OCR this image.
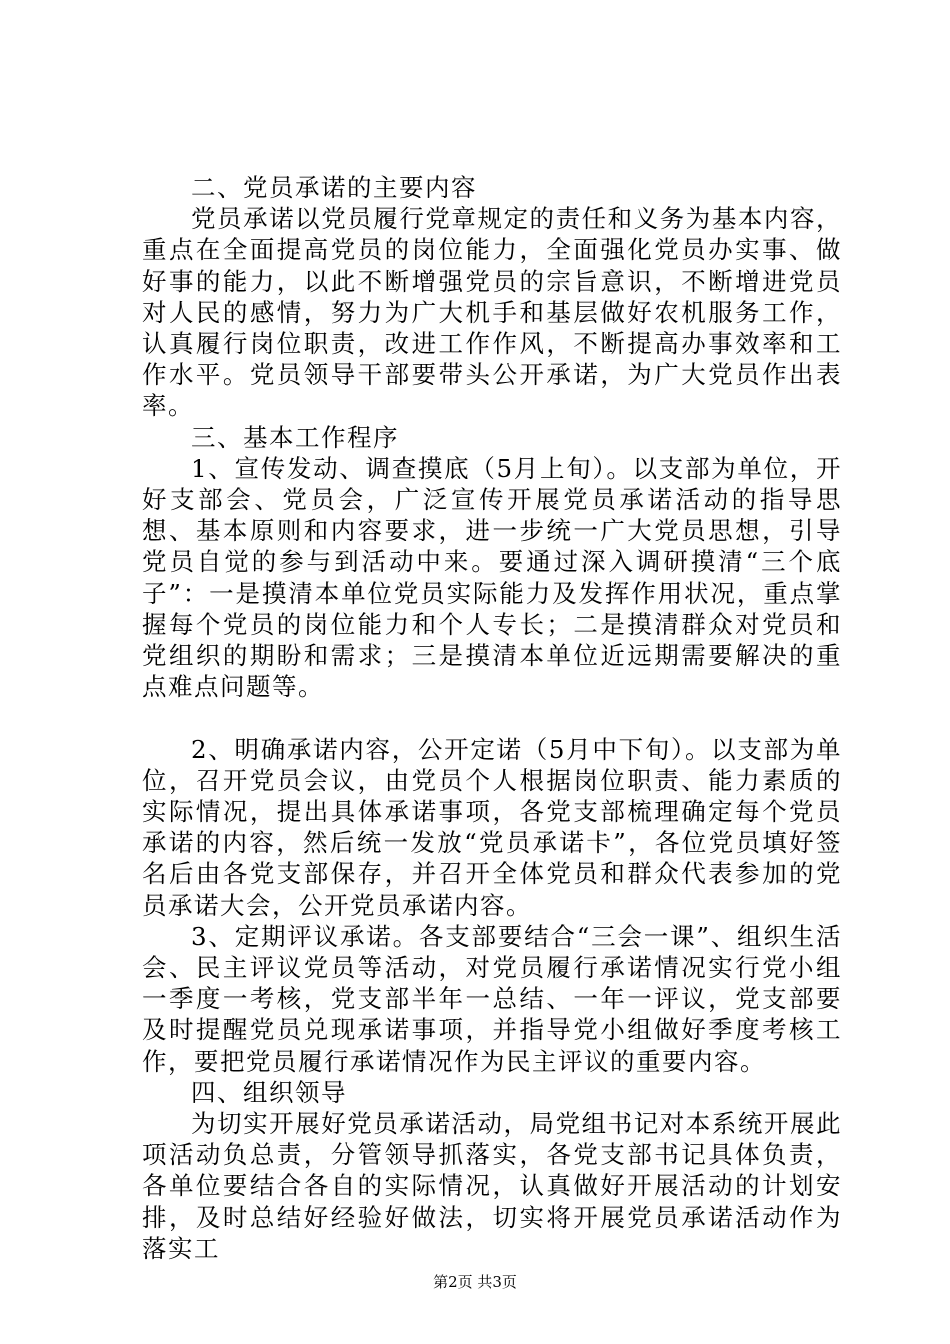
二、党员承诺的主要内容

党员承诺以党员履行党章规定的责任和义务为基本内容，重点在全面提高党员的岗位能力，全面强化党员办实事、做好事的能力，以此不断增强党员的宗旨意识，不断增进党员对人民的感情，努力为广大机手和基层做好农机服务工作，认真履行岗位职责，改进工作作风，不断提高办事效率和工作水平。党员领导干部要带头公开承诺，为广大党员作出表率。

三、基本工作程序

1、宣传发动、调查摸底（5月上旬）。以支部为单位，开好支部会、党员会，广泛宣传开展党员承诺活动的指导思想、基本原则和内容要求，进一步统一广大党员思想，引导党员自觉的参与到活动中来。要通过深入调研摸清“三个底子”：一是摸清本单位党员实际能力及发挥作用状况，重点掌握每个党员的岗位能力和个人专长；二是摸清群众对党员和党组织的期盼和需求；三是摸清本单位近远期需要解决的重点难点问题等。

2、明确承诺内容，公开定诺（5月中下旬）。以支部为单位，召开党员会议，由党员个人根据岗位职责、能力素质的实际情况，提出具体承诺事项，各党支部梳理确定每个党员承诺的内容，然后统一发放“党员承诺卡”，各位党员填好签名后由各党支部保存，并召开全体党员和群众代表参加的党员承诺大会，公开党员承诺内容。

3、定期评议承诺。各支部要结合“三会一课”、组织生活会、民主评议党员等活动，对党员履行承诺情况实行党小组一季度一考核，党支部半年一总结、一年一评议，党支部要及时提醒党员兑现承诺事项，并指导党小组做好季度考核工作，要把党员履行承诺情况作为民主评议的重要内容。

四、组织领导

为切实开展好党员承诺活动，局党组书记对本系统开展此项活动负总责，分管领导抓落实，各党支部书记具体负责，各单位要结合各自的实际情况，认真做好开展活动的计划安排，及时总结好经验好做法，切实将开展党员承诺活动作为落实工

第2页 共3页
